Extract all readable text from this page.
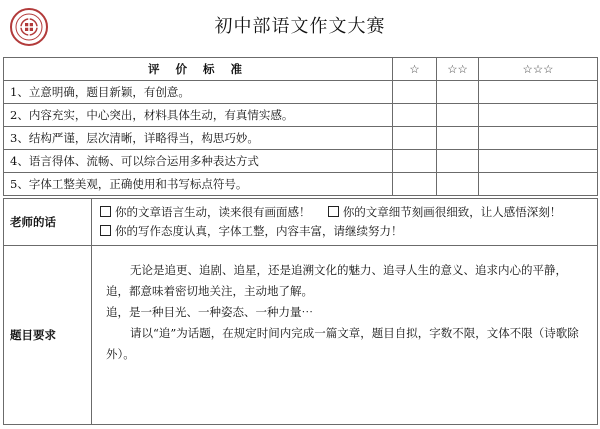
初中部语文作文大赛
评 价 标 准	☆	☆☆	☆☆☆
1、立意明确，题目新颖，有创意。			
2、内容充实，中心突出，材料具体生动，有真情实感。			
3、结构严谨，层次清晰，详略得当，构思巧妙。			
4、语言得体、流畅、可以综合运用多种表达方式			
5、字体工整美观，正确使用和书写标点符号。			
老师的话	你的文章语言生动，读来很有画面感！ 你的文章细节刻画很细致，让人感悟深刻！
你的写作态度认真，字体工整，内容丰富，请继续努力！

题目要求	无论是追更、追剧、追星，还是追溯文化的魅力、追寻人生的意义、追求内心的平静，追，都意味着密切地关注，主动地了解。

追，是一种目光、一种姿态、一种力量⋯

请以“追”为话题，在规定时间内完成一篇文章，题目自拟，字数不限，文体不限（诗歌除外）。
